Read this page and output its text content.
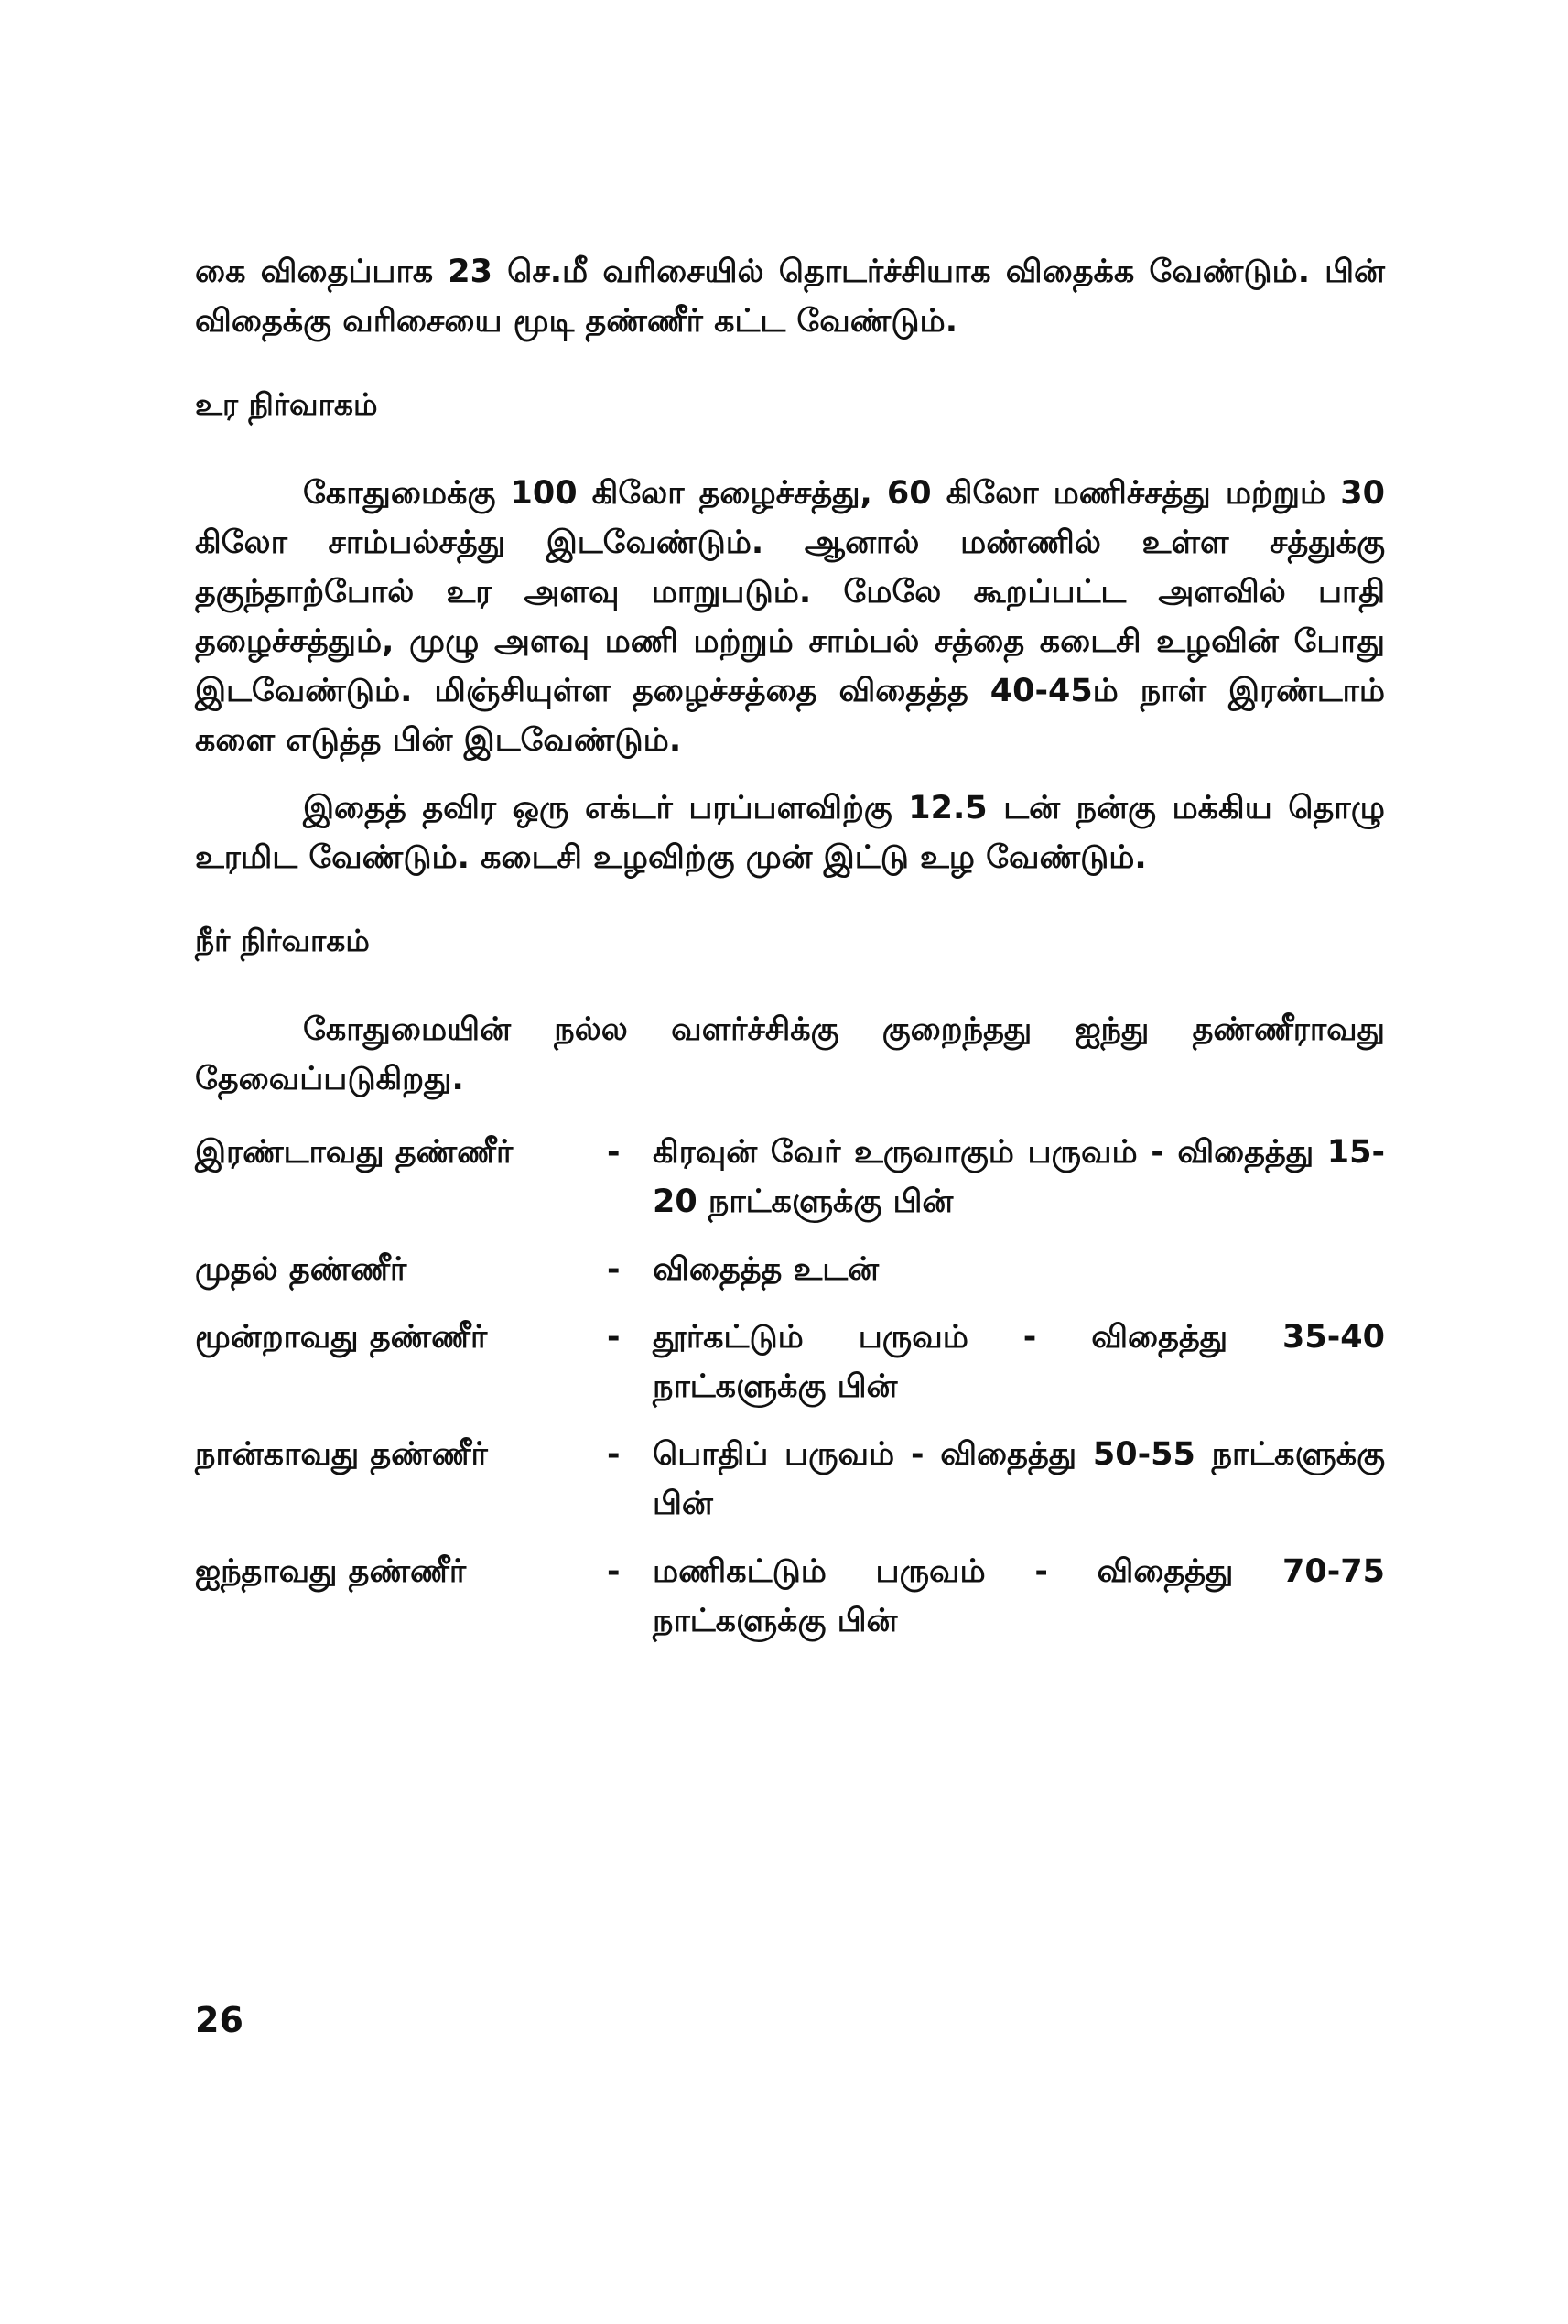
கை விதைப்பாக 23 செ.மீ வரிசையில் தொடர்ச்சியாக விதைக்க வேண்டும். பின் விதைக்கு வரிசையை மூடி தண்ணீர் கட்ட வேண்டும்.

உர நிர்வாகம்

கோதுமைக்கு 100 கிலோ தழைச்சத்து, 60 கிலோ மணிச்சத்து மற்றும் 30 கிலோ சாம்பல்சத்து இடவேண்டும். ஆனால் மண்ணில் உள்ள சத்துக்கு தகுந்தாற்போல் உர அளவு மாறுபடும். மேலே கூறப்பட்ட அளவில் பாதி தழைச்சத்தும், முழு அளவு மணி மற்றும் சாம்பல் சத்தை கடைசி உழவின் போது இடவேண்டும். மிஞ்சியுள்ள தழைச்சத்தை விதைத்த 40-45ம் நாள் இரண்டாம் களை எடுத்த பின் இடவேண்டும்.

இதைத் தவிர ஒரு எக்டர் பரப்பளவிற்கு 12.5 டன் நன்கு மக்கிய தொழு உரமிட வேண்டும். கடைசி உழவிற்கு முன் இட்டு உழ வேண்டும்.

நீர் நிர்வாகம்

கோதுமையின் நல்ல வளர்ச்சிக்கு குறைந்தது ஐந்து தண்ணீராவது தேவைப்படுகிறது.

இரண்டாவது தண்ணீர்	-	கிரவுன் வேர் உருவாகும் பருவம் - விதைத்து 15-20 நாட்களுக்கு பின்
முதல் தண்ணீர்	-	விதைத்த உடன்
மூன்றாவது தண்ணீர்	-	தூர்கட்டும் பருவம் - விதைத்து 35-40 நாட்களுக்கு பின்
நான்காவது தண்ணீர்	-	பொதிப் பருவம் - விதைத்து 50-55 நாட்களுக்கு பின்
ஐந்தாவது தண்ணீர்	-	மணிகட்டும் பருவம் - விதைத்து 70-75 நாட்களுக்கு பின்
26
